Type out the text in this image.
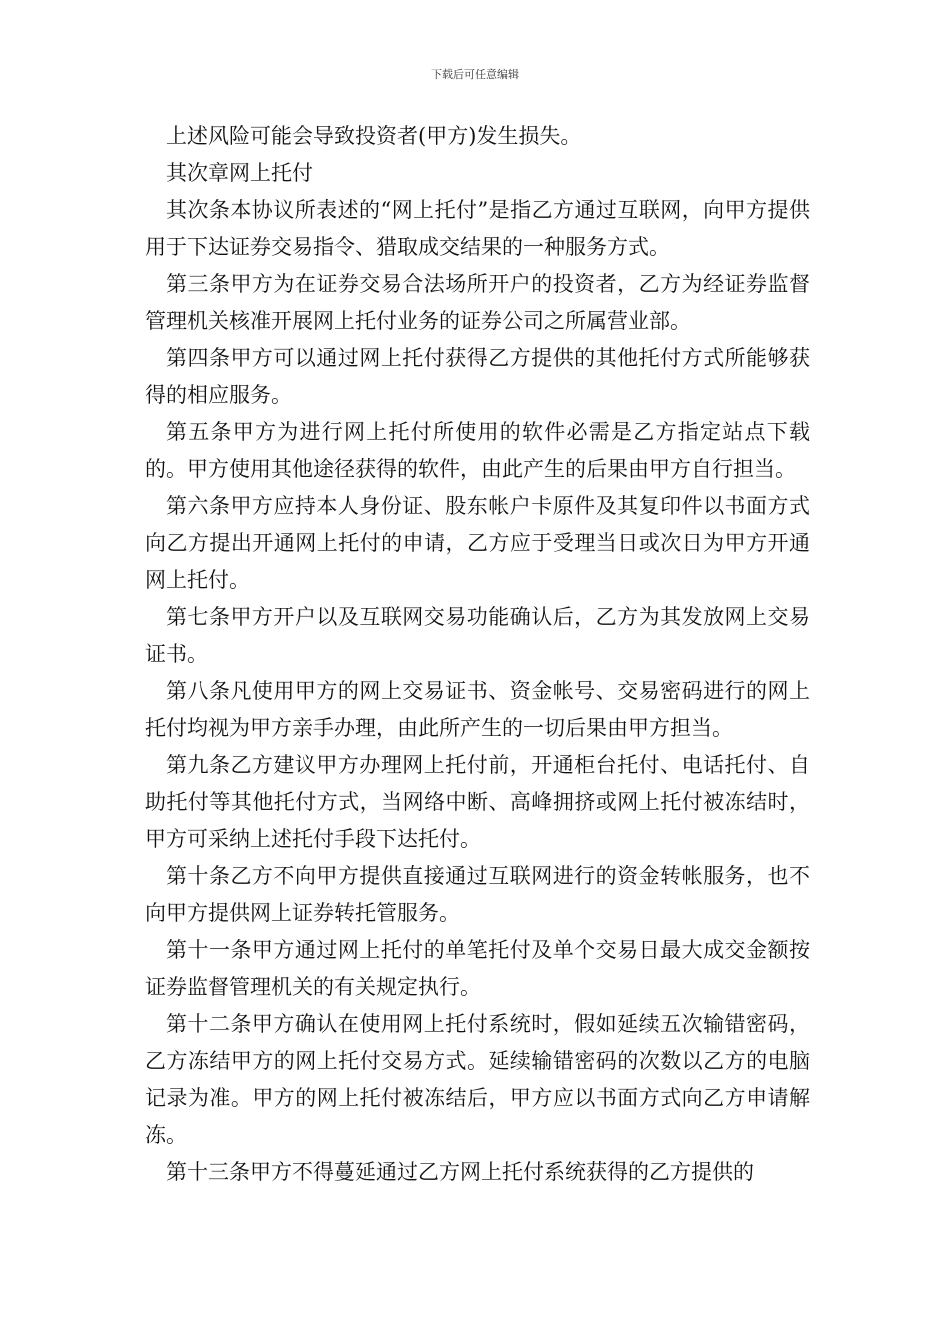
下载后可任意编辑

上述风险可能会导致投资者(甲方)发生损失。

其次章网上托付

其次条本协议所表述的“网上托付”是指乙方通过互联网，向甲方提供用于下达证券交易指令、猎取成交结果的一种服务方式。

第三条甲方为在证券交易合法场所开户的投资者，乙方为经证券监督管理机关核准开展网上托付业务的证券公司之所属营业部。

第四条甲方可以通过网上托付获得乙方提供的其他托付方式所能够获得的相应服务。

第五条甲方为进行网上托付所使用的软件必需是乙方指定站点下载的。甲方使用其他途径获得的软件，由此产生的后果由甲方自行担当。

第六条甲方应持本人身份证、股东帐户卡原件及其复印件以书面方式向乙方提出开通网上托付的申请，乙方应于受理当日或次日为甲方开通网上托付。

第七条甲方开户以及互联网交易功能确认后，乙方为其发放网上交易证书。

第八条凡使用甲方的网上交易证书、资金帐号、交易密码进行的网上托付均视为甲方亲手办理，由此所产生的一切后果由甲方担当。

第九条乙方建议甲方办理网上托付前，开通柜台托付、电话托付、自助托付等其他托付方式，当网络中断、高峰拥挤或网上托付被冻结时，甲方可采纳上述托付手段下达托付。

第十条乙方不向甲方提供直接通过互联网进行的资金转帐服务，也不向甲方提供网上证券转托管服务。

第十一条甲方通过网上托付的单笔托付及单个交易日最大成交金额按证券监督管理机关的有关规定执行。

第十二条甲方确认在使用网上托付系统时，假如延续五次输错密码，乙方冻结甲方的网上托付交易方式。延续输错密码的次数以乙方的电脑记录为准。甲方的网上托付被冻结后，甲方应以书面方式向乙方申请解冻。

第十三条甲方不得蔓延通过乙方网上托付系统获得的乙方提供的
